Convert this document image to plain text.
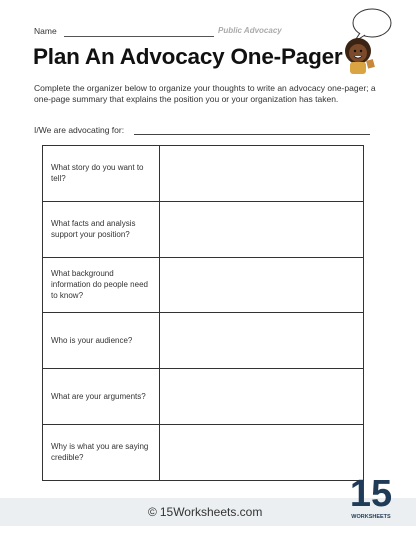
Name	Public Advocacy
Plan An Advocacy One-Pager

Complete the organizer below to organize your thoughts to write an advocacy one-pager; a one-page summary that explains the position you or your organization has taken.

I/We are advocating for:
What story do you want to tell?	
What facts and analysis support your position?	
What background information do people need to know?	
Who is your audience?	
What are your arguments?	
Why is what you are saying credible?	
© 15Worksheets.com 15
WORKSHEETS
